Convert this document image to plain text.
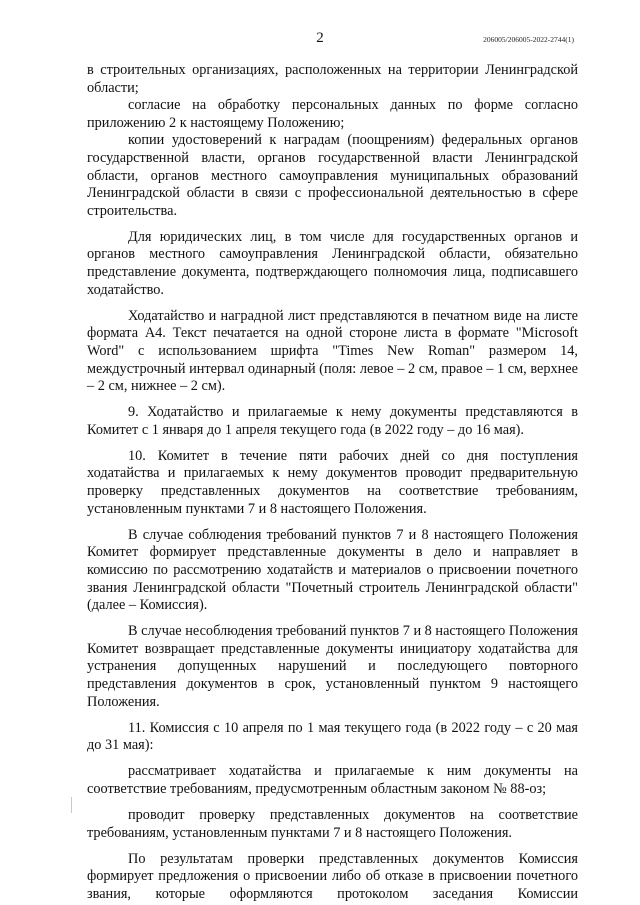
2	206005/206005-2022-2744(1)

в строительных организациях, расположенных на территории Ленинградской области;

согласие на обработку персональных данных по форме согласно приложению 2 к настоящему Положению;

копии удостоверений к наградам (поощрениям) федеральных органов государственной власти, органов государственной власти Ленинградской области, органов местного самоуправления муниципальных образований Ленинградской области в связи с профессиональной деятельностью в сфере строительства.

Для юридических лиц, в том числе для государственных органов и органов местного самоуправления Ленинградской области, обязательно представление документа, подтверждающего полномочия лица, подписавшего ходатайство.

Ходатайство и наградной лист представляются в печатном виде на листе формата А4. Текст печатается на одной стороне листа в формате "Microsoft Word" с использованием шрифта "Times New Roman" размером 14, междустрочный интервал одинарный (поля: левое – 2 см, правое – 1 см, верхнее – 2 см, нижнее – 2 см).

9. Ходатайство и прилагаемые к нему документы представляются в Комитет с 1 января до 1 апреля текущего года (в 2022 году – до 16 мая).

10. Комитет в течение пяти рабочих дней со дня поступления ходатайства и прилагаемых к нему документов проводит предварительную проверку представленных документов на соответствие требованиям, установленным пунктами 7 и 8 настоящего Положения.

В случае соблюдения требований пунктов 7 и 8 настоящего Положения Комитет формирует представленные документы в дело и направляет в комиссию по рассмотрению ходатайств и материалов о присвоении почетного звания Ленинградской области "Почетный строитель Ленинградской области" (далее – Комиссия).

В случае несоблюдения требований пунктов 7 и 8 настоящего Положения Комитет возвращает представленные документы инициатору ходатайства для устранения допущенных нарушений и последующего повторного представления документов в срок, установленный пунктом 9 настоящего Положения.

11. Комиссия с 10 апреля по 1 мая текущего года (в 2022 году – с 20 мая до 31 мая):

рассматривает ходатайства и прилагаемые к ним документы на соответствие требованиям, предусмотренным областным законом № 88-оз;

проводит проверку представленных документов на соответствие требованиям, установленным пунктами 7 и 8 настоящего Положения.

По результатам проверки представленных документов Комиссия формирует предложения о присвоении либо об отказе в присвоении почетного звания, которые оформляются протоколом заседания Комиссии
